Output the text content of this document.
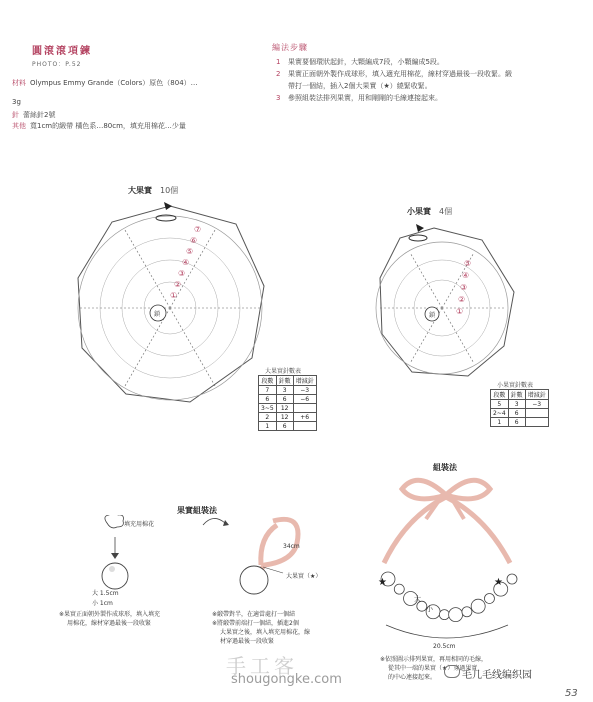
圓滾滾項鍊
PHOTO：P.52
材料 Olympus Emmy Grande（Colors）原色（804）…
3g
針 蕾絲針2號
其他 寬1cm的緞帶 橘色系…80cm，填充用棉花…少量
編法步驟
1 果實要個環狀起針，大顆編成7段，小顆編成5段。
2 果實正面朝外製作成球形，填入適充用棉花，線材穿過最後一段收緊。緞
帶打一個結，插入2個大果實（★）繞緊收緊。
3 參照組裝法排列果實，用和剛剛的毛線連接起來。
大果實 10個
鎖
①
②
③
④
⑤
⑥
⑦
大果實針數表
段數	針數	增減針
7	3	−3
6	6	−6
3~5	12	
2	12	+6
1	6	
小果實 4個
鎖	①
②
③
④
⑤
小果實針數表
段數	針數	增減針
5	3	−3
2~4	6	
1	6	
果實組裝法
填充用棉花
大 1.5cm
小 1cm
34cm
大果實（★）
※果實正面朝外製作成球形，填入填充
用棉花，線材穿過最後一段收緊
※緞帶對半，在適當處打一個結
※將緞帶前端打一個結，插進2個
大果實之後，填入填充用棉花，線
材穿過最後一段收緊
組裝法
★	★
大
小
20.5cm
※依照圖示排列果實，再用相同的毛線，
從其中一端的果實（★）穿過果實
的中心連接起來。
手工客
shougongke.com	毛几毛线编织园
53
